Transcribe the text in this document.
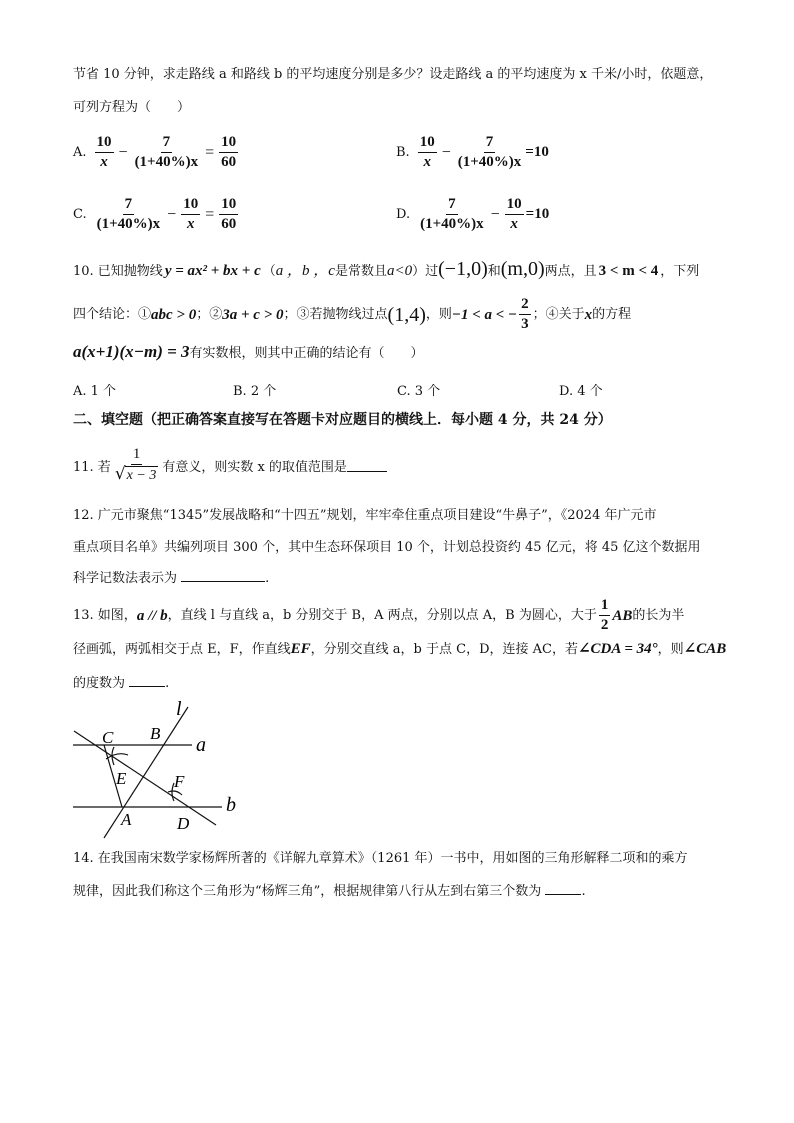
节省 10 分钟，求走路线 a 和路线 b 的平均速度分别是多少？设走路线 a 的平均速度为 x 千米/小时，依题意，
可列方程为（　　）
A. $\frac{10}{x} - \frac{7}{(1+40\%)x} = \frac{10}{60}$	B. $\frac{10}{x} - \frac{7}{(1+40\%)x} =10$
C. $\frac{7}{(1+40\%)x} - \frac{10}{x} = \frac{10}{60}$	D. $\frac{7}{(1+40\%)x} - \frac{10}{x} =10$
10. 已知抛物线 y = ax² + bx + c （a ，b ，c是常数且a<0）过(−1,0)和(m,0)两点，且 3 < m < 4 ，下列
四个结论：① abc > 0 ；② 3a + c > 0 ；③若抛物线过点 (1,4) ，则 −1 < a < − $\frac{2}{3}$ ；④关于 x 的方程
a(x+1)(x−m) = 3有实数根，则其中正确的结论有（　　）
A. 1 个	B. 2 个	C. 3 个	D. 4 个
二、填空题（把正确答案直接写在答题卡对应题目的横线上．每小题 4 分，共 24 分）
11. 若 $\frac{1}{√x - 3}$ 有意义，则实数 x 的取值范围是
12. 广元市聚焦“1345”发展战略和“十四五”规划，牢牢牵住重点项目建设“牛鼻子”，《2024 年广元市
重点项目名单》共编列项目 300 个，其中生态环保项目 10 个，计划总投资约 45 亿元，将 45 亿这个数据用
科学记数法表示为	.
13. 如图， a // b ，直线 l 与直线 a，b 分别交于 B，A 两点，分别以点 A，B 为圆心，大于 $\frac{1}{2}$ AB 的长为半
径画弧，两弧相交于点 E，F，作直线EF，分别交直线 a，b 于点 C，D，连接 AC，若∠CDA = 34°，则∠CAB
的度数为	.
l
a
b
C B
E	F
A	D
14. 在我国南宋数学家杨辉所著的《详解九章算术》（1261 年）一书中，用如图的三角形解释二项和的乘方
规律，因此我们称这个三角形为“杨辉三角”，根据规律第八行从左到右第三个数为	.
